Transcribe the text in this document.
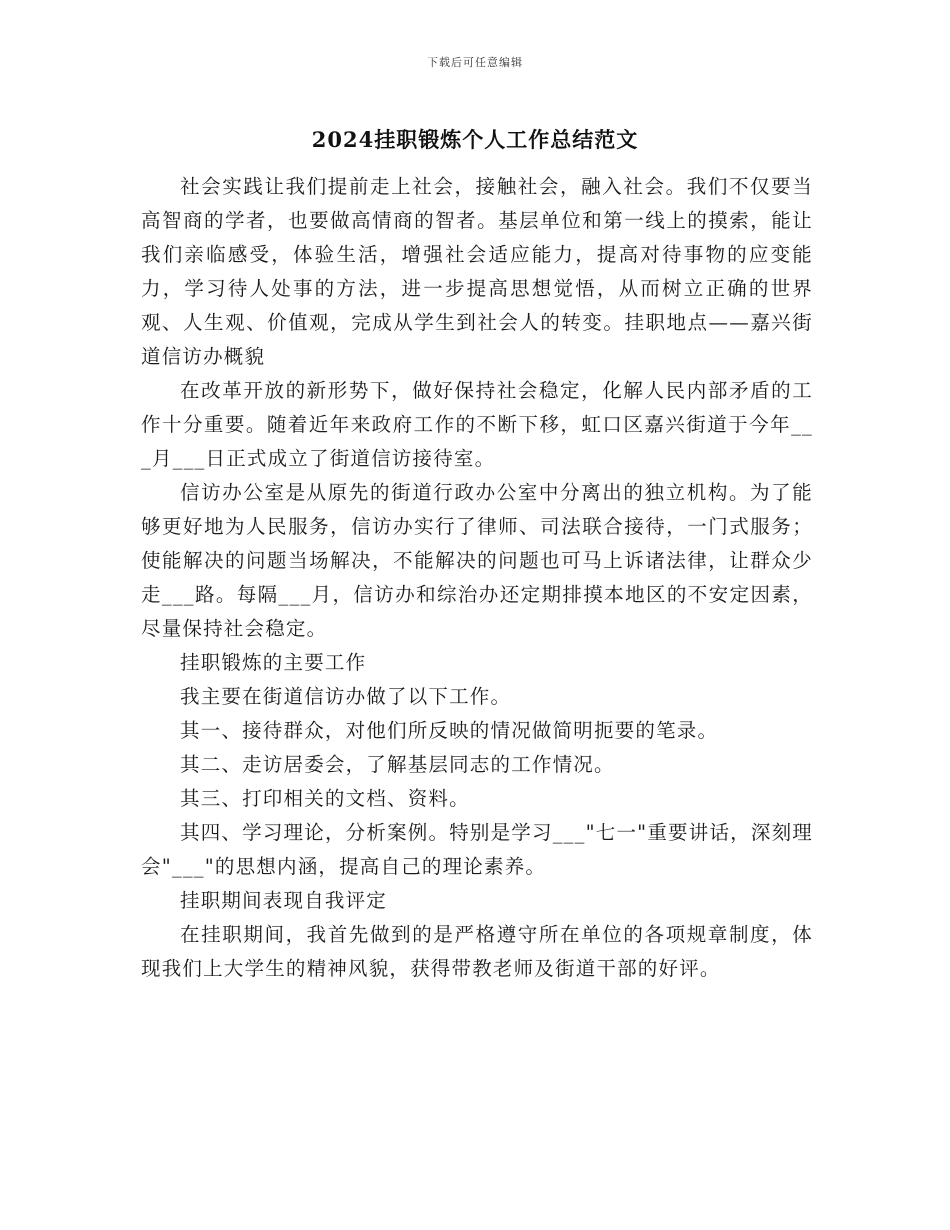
下载后可任意编辑
2024挂职锻炼个人工作总结范文

社会实践让我们提前走上社会，接触社会，融入社会。我们不仅要当高智商的学者，也要做高情商的智者。基层单位和第一线上的摸索，能让我们亲临感受，体验生活，增强社会适应能力，提高对待事物的应变能力，学习待人处事的方法，进一步提高思想觉悟，从而树立正确的世界观、人生观、价值观，完成从学生到社会人的转变。挂职地点——嘉兴街道信访办概貌

在改革开放的新形势下，做好保持社会稳定，化解人民内部矛盾的工作十分重要。随着近年来政府工作的不断下移，虹口区嘉兴街道于今年___月___日正式成立了街道信访接待室。

信访办公室是从原先的街道行政办公室中分离出的独立机构。为了能够更好地为人民服务，信访办实行了律师、司法联合接待，一门式服务；使能解决的问题当场解决，不能解决的问题也可马上诉诸法律，让群众少走___路。每隔___月，信访办和综治办还定期排摸本地区的不安定因素，尽量保持社会稳定。

挂职锻炼的主要工作

我主要在街道信访办做了以下工作。

其一、接待群众，对他们所反映的情况做简明扼要的笔录。

其二、走访居委会，了解基层同志的工作情况。

其三、打印相关的文档、资料。

其四、学习理论，分析案例。特别是学习___"七一"重要讲话，深刻理会"___"的思想内涵，提高自己的理论素养。

挂职期间表现自我评定

在挂职期间，我首先做到的是严格遵守所在单位的各项规章制度，体现我们上大学生的精神风貌，获得带教老师及街道干部的好评。
